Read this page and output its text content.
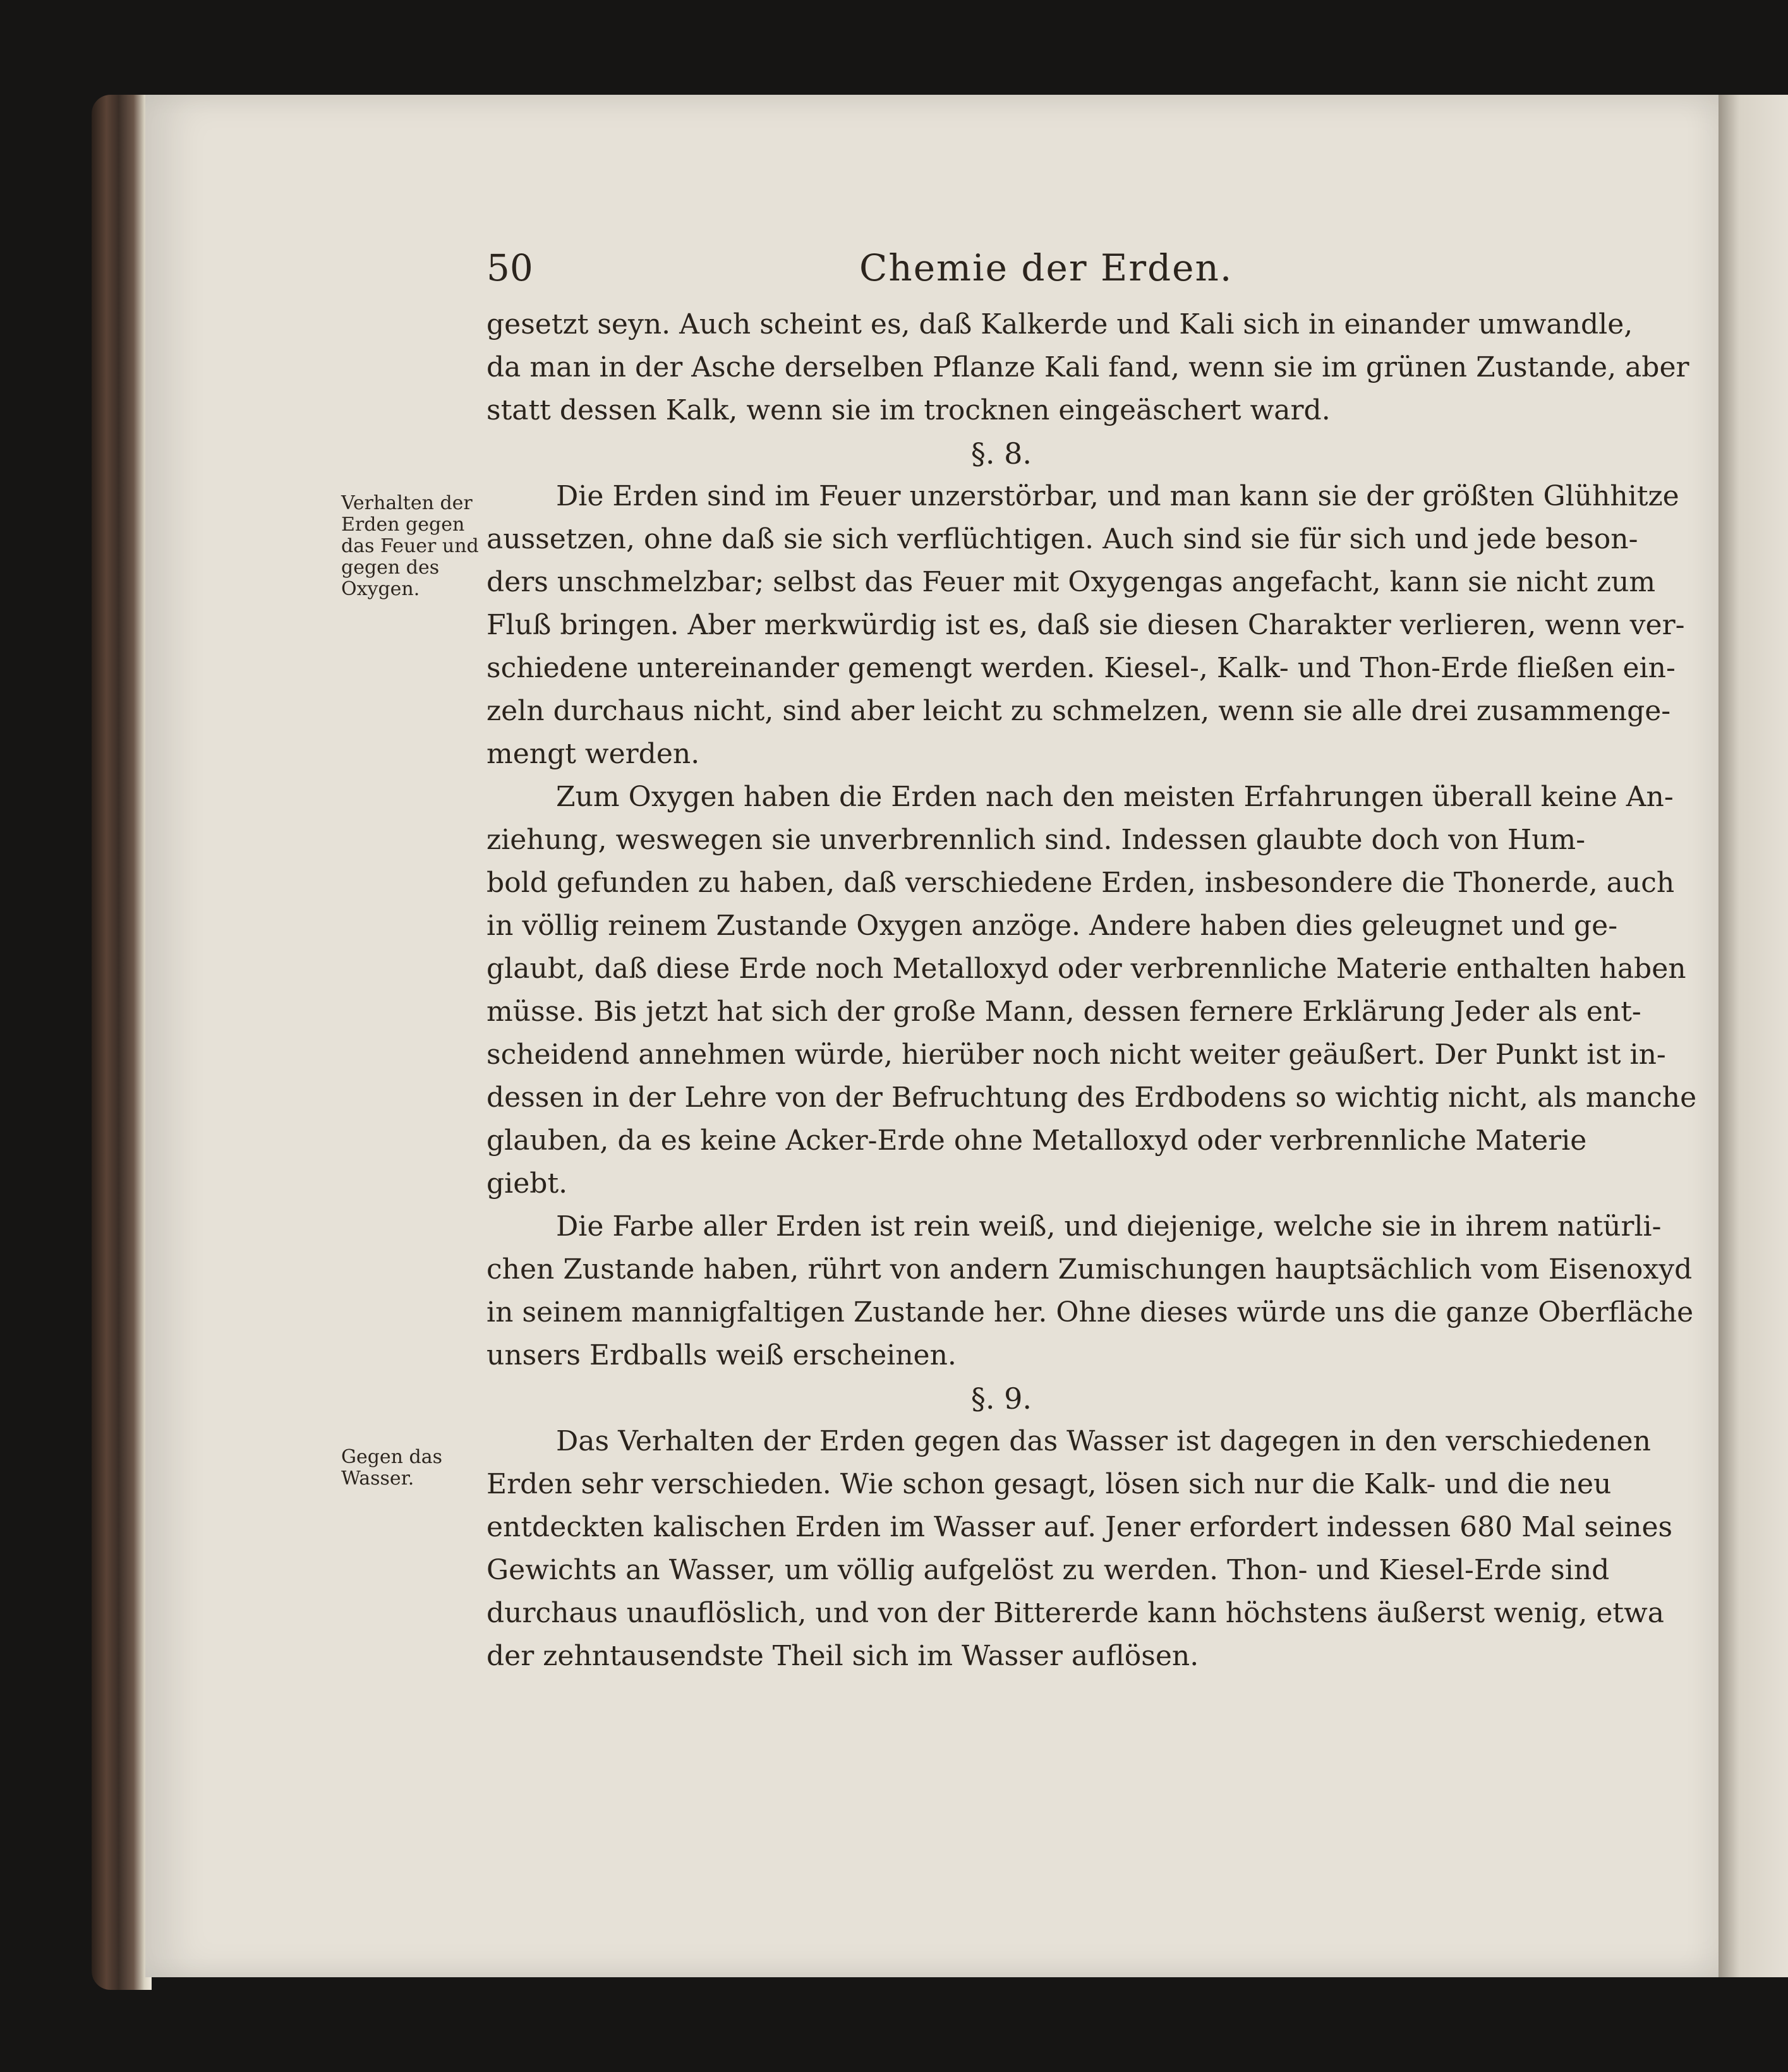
50	Chemie der Erden.
gesetzt seyn. Auch scheint es, daß Kalkerde und Kali sich in einander umwandle,
da man in der Asche derselben Pflanze Kali fand, wenn sie im grünen Zustande, aber
statt dessen Kalk, wenn sie im trocknen eingeäschert ward.
§. 8.
Die Erden sind im Feuer unzerstörbar, und man kann sie der größten Glühhitze
aussetzen, ohne daß sie sich verflüchtigen. Auch sind sie für sich und jede beson-
ders unschmelzbar; selbst das Feuer mit Oxygengas angefacht, kann sie nicht zum
Fluß bringen. Aber merkwürdig ist es, daß sie diesen Charakter verlieren, wenn ver-
schiedene untereinander gemengt werden. Kiesel-, Kalk- und Thon-Erde fließen ein-
zeln durchaus nicht, sind aber leicht zu schmelzen, wenn sie alle drei zusammenge-
mengt werden.
Zum Oxygen haben die Erden nach den meisten Erfahrungen überall keine An-
ziehung, weswegen sie unverbrennlich sind. Indessen glaubte doch von Hum-
bold gefunden zu haben, daß verschiedene Erden, insbesondere die Thonerde, auch
in völlig reinem Zustande Oxygen anzöge. Andere haben dies geleugnet und ge-
glaubt, daß diese Erde noch Metalloxyd oder verbrennliche Materie enthalten haben
müsse. Bis jetzt hat sich der große Mann, dessen fernere Erklärung Jeder als ent-
scheidend annehmen würde, hierüber noch nicht weiter geäußert. Der Punkt ist in-
dessen in der Lehre von der Befruchtung des Erdbodens so wichtig nicht, als manche
glauben, da es keine Acker-Erde ohne Metalloxyd oder verbrennliche Materie
giebt.
Die Farbe aller Erden ist rein weiß, und diejenige, welche sie in ihrem natürli-
chen Zustande haben, rührt von andern Zumischungen hauptsächlich vom Eisenoxyd
in seinem mannigfaltigen Zustande her. Ohne dieses würde uns die ganze Oberfläche
unsers Erdballs weiß erscheinen.
§. 9.
Das Verhalten der Erden gegen das Wasser ist dagegen in den verschiedenen
Erden sehr verschieden. Wie schon gesagt, lösen sich nur die Kalk- und die neu
entdeckten kalischen Erden im Wasser auf. Jener erfordert indessen 680 Mal seines
Gewichts an Wasser, um völlig aufgelöst zu werden. Thon- und Kiesel-Erde sind
durchaus unauflöslich, und von der Bittererde kann höchstens äußerst wenig, etwa
der zehntausendste Theil sich im Wasser auflösen.
Verhalten der
Erden gegen
das Feuer und
gegen des
Oxygen.
Gegen das
Wasser.
